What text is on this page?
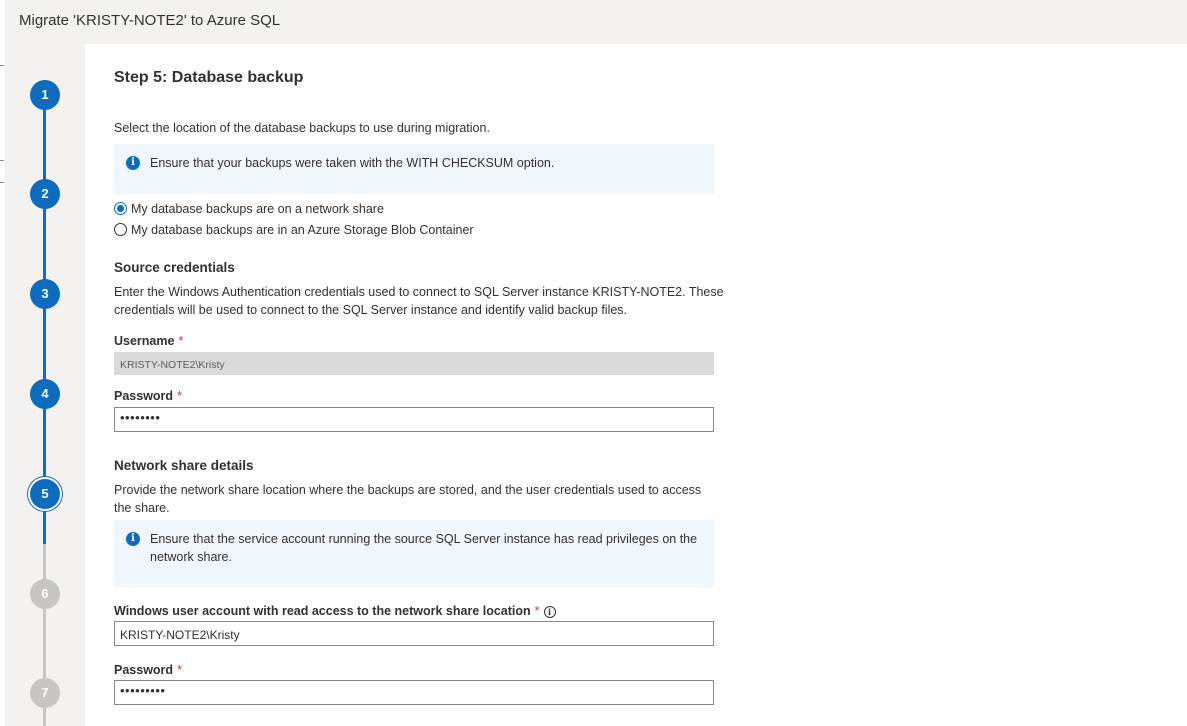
Migrate 'KRISTY-NOTE2' to Azure SQL
1
2
3
4
5
6
7
Step 5: Database backup
Select the location of the database backups to use during migration.
i	Ensure that your backups were taken with the WITH CHECKSUM option.
My database backups are on a network share
My database backups are in an Azure Storage Blob Container
Source credentials
Enter the Windows Authentication credentials used to connect to SQL Server instance KRISTY-NOTE2. These credentials will be used to connect to the SQL Server instance and identify valid backup files.
Username *
KRISTY-NOTE2\Kristy
Password *
••••••••
Network share details
Provide the network share location where the backups are stored, and the user credentials used to access the share.
i	Ensure that the service account running the source SQL Server instance has read privileges on the network share.
Windows user account with read access to the network share location * i
KRISTY-NOTE2\Kristy
Password *
•••••••••
